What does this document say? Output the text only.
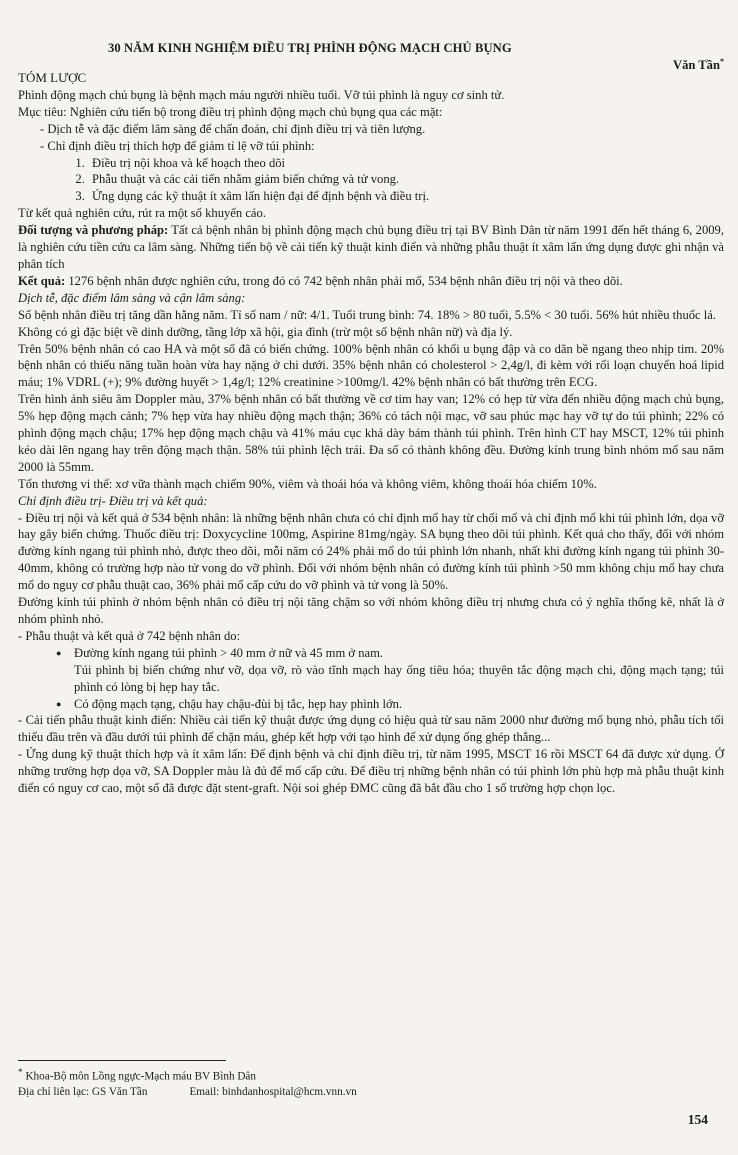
30 NĂM KINH NGHIỆM ĐIỀU TRỊ PHÌNH ĐỘNG MẠCH CHỦ BỤNG
Văn Tần*

TÓM LƯỢC

Phình động mạch chủ bụng là bệnh mạch máu người nhiều tuổi. Vỡ túi phình là nguy cơ sinh tử.

Mục tiêu: Nghiên cứu tiến bộ trong điều trị phình động mạch chủ bụng qua các mặt:

- Dịch tễ và đặc điểm lâm sàng để chẩn đoán, chỉ định điều trị và tiên lượng.

- Chỉ định điều trị thích hợp để giảm tỉ lệ vỡ túi phình:

1. Điều trị nội khoa và kế hoạch theo dõi
2. Phẫu thuật và các cải tiến nhằm giảm biến chứng và tử vong.
3. Ứng dụng các kỹ thuật ít xâm lấn hiện đại để định bệnh và điều trị.

Từ kết quả nghiên cứu, rút ra một số khuyến cáo.

Đối tượng và phương pháp: Tất cả bệnh nhân bị phình động mạch chủ bụng điều trị tại BV Bình Dân từ năm 1991 đến hết tháng 6, 2009, là nghiên cứu tiền cứu ca lâm sàng. Những tiến bộ về cải tiến kỹ thuật kinh điển và những phẫu thuật ít xâm lấn ứng dụng được ghi nhận và phân tích

Kết quả: 1276 bệnh nhân được nghiên cứu, trong đó có 742 bệnh nhân phải mổ, 534 bệnh nhân điều trị nội và theo dõi.

Dịch tễ, đặc điểm lâm sàng và cận lâm sàng:

Số bệnh nhân điều trị tăng dần hằng năm. Tỉ số nam / nữ: 4/1. Tuổi trung bình: 74. 18% > 80 tuổi, 5.5% < 30 tuổi. 56% hút nhiều thuốc lá.

Không có gì đặc biệt về dinh dưỡng, tầng lớp xã hội, gia đình (trừ một số bệnh nhân nữ) và địa lý.

Trên 50% bệnh nhân có cao HA và một số đã có biến chứng. 100% bệnh nhân có khối u bụng đập và co dãn bề ngang theo nhịp tim. 20% bệnh nhân có thiếu năng tuần hoàn vừa hay nặng ở chi dưới. 35% bệnh nhân có cholesterol > 2,4g/l, đi kèm với rối loạn chuyển hoá lipid máu; 1% VDRL (+); 9% đường huyết > 1,4g/l; 12% creatinine >100mg/l. 42% bệnh nhân có bất thường trên ECG.

Trên hình ảnh siêu âm Doppler màu, 37% bệnh nhân có bất thường về cơ tim hay van; 12% có hẹp từ vừa đến nhiều động mạch chủ bụng, 5% hẹp động mạch cảnh; 7% hẹp vừa hay nhiều động mạch thận; 36% có tách nội mạc, vỡ sau phúc mạc hay vỡ tự do túi phình; 22% có phình động mạch chậu; 17% hẹp động mạch chậu và 41% máu cục khá dày bám thành túi phình. Trên hình CT hay MSCT, 12% túi phình kéo dài lên ngang hay trên động mạch thận. 58% túi phình lệch trái. Đa số có thành không đều. Đường kính trung bình nhóm mổ sau năm 2000 là 55mm.

Tổn thương vi thể: xơ vữa thành mạch chiếm 90%, viêm và thoái hóa và không viêm, không thoái hóa chiếm 10%.

Chỉ định điều trị- Điều trị và kết quả:

- Điều trị nội và kết quả ở 534 bệnh nhân: là những bệnh nhân chưa có chỉ định mổ hay từ chối mổ và chỉ định mổ khi túi phình lớn, dọa vỡ hay gây biến chứng. Thuốc điều trị: Doxycycline 100mg, Aspirine 81mg/ngày. SA bụng theo dõi túi phình. Kết quả cho thấy, đối với nhóm đường kính ngang túi phình nhỏ, được theo dõi, mỗi năm có 24% phải mổ do túi phình lớn nhanh, nhất khi đường kính ngang túi phình 30-40mm, không có trường hợp nào tử vong do vỡ phình. Đối với nhóm bệnh nhân có đường kính túi phình >50 mm không chịu mổ hay chưa mổ do nguy cơ phẫu thuật cao, 36% phải mổ cấp cứu do vỡ phình và tử vong là 50%.

Đường kính túi phình ở nhóm bệnh nhân có điều trị nội tăng chậm so với nhóm không điều trị nhưng chưa có ý nghĩa thống kê, nhất là ở nhóm phình nhỏ.

- Phẫu thuật và kết quả ở 742 bệnh nhân do:

● Đường kính ngang túi phình > 40 mm ở nữ và 45 mm ở nam.

Túi phình bị biến chứng như vỡ, dọa vỡ, rò vào tĩnh mạch hay ống tiêu hóa; thuyên tắc động mạch chi, động mạch tạng; túi phình có lòng bị hẹp hay tắc.

● Có động mạch tạng, chậu hay chậu-đùi bị tắc, hẹp hay phình lớn.

- Cải tiến phẫu thuật kinh điển: Nhiều cải tiến kỹ thuật được ứng dụng có hiệu quả từ sau năm 2000 như đường mổ bụng nhỏ, phẫu tích tối thiểu đầu trên và đầu dưới túi phình để chặn máu, ghép kết hợp với tạo hình để xử dụng ống ghép thẳng...

- Ứng dung kỹ thuật thích hợp và ít xâm lấn: Để định bệnh và chỉ định điều trị, từ năm 1995, MSCT 16 rồi MSCT 64 đã được xử dụng. Ở những trường hợp dọa vỡ, SA Doppler màu là đủ để mổ cấp cứu. Để điều trị những bệnh nhân có túi phình lớn phù hợp mà phẫu thuật kinh điển có nguy cơ cao, một số đã được đặt stent-graft. Nội soi ghép ĐMC cũng đã bắt đầu cho 1 số trường hợp chọn lọc.

* Khoa-Bộ môn Lồng ngực-Mạch máu BV Bình Dân
Địa chỉ liên lạc: GS Văn Tần	Email: binhdanhospital@hcm.vnn.vn
154
